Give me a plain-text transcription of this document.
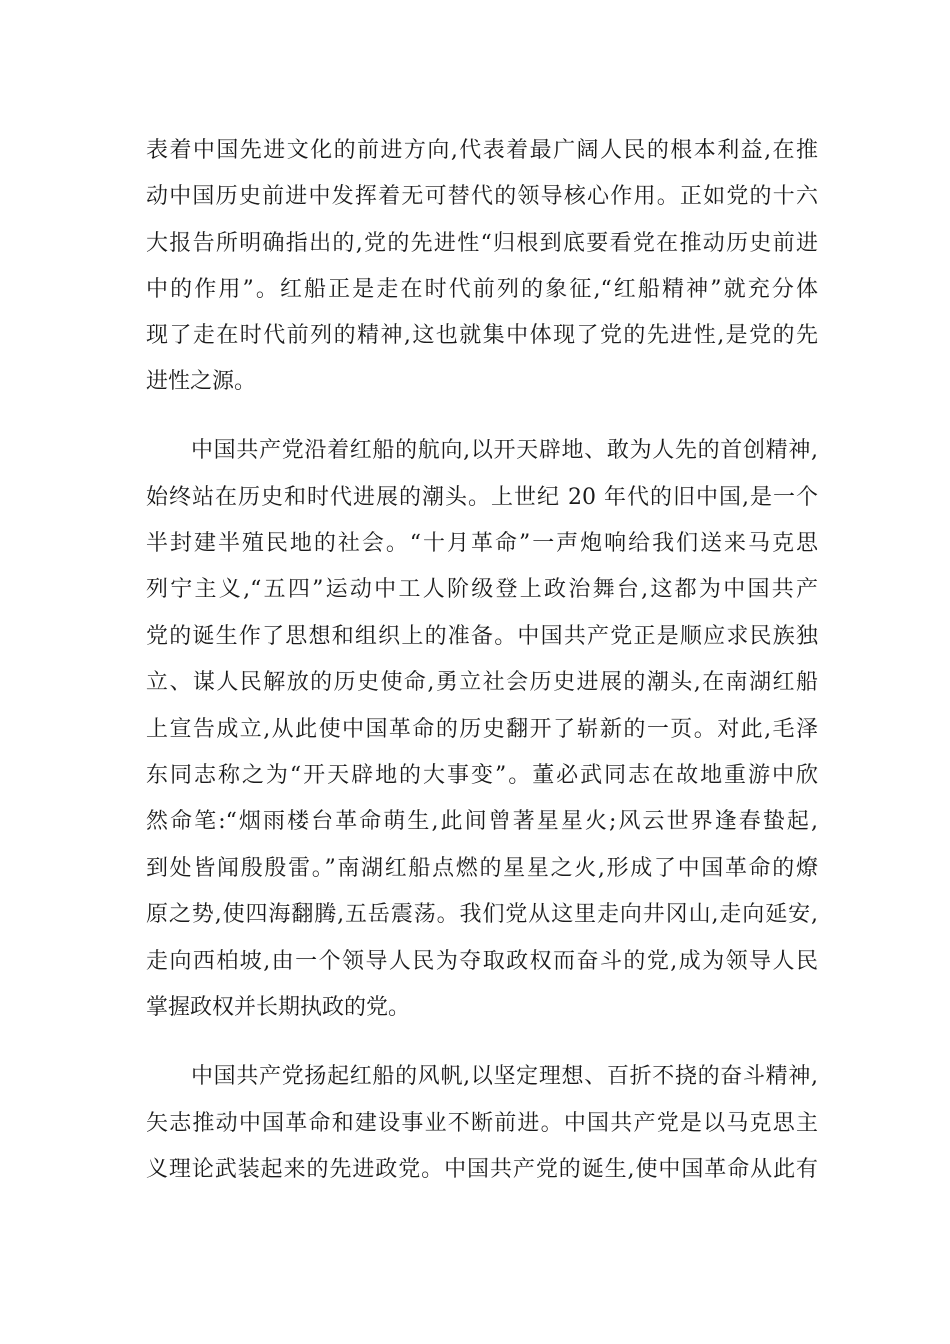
表着中国先进文化的前进方向,代表着最广阔人民的根本利益,在推
动中国历史前进中发挥着无可替代的领导核心作用。正如党的十六
大报告所明确指出的,党的先进性“归根到底要看党在推动历史前进
中的作用”。红船正是走在时代前列的象征,“红船精神”就充分体
现了走在时代前列的精神,这也就集中体现了党的先进性,是党的先
进性之源。
中国共产党沿着红船的航向,以开天辟地、敢为人先的首创精神,
始终站在历史和时代进展的潮头。上世纪 20 年代的旧中国,是一个
半封建半殖民地的社会。“十月革命”一声炮响给我们送来马克思
列宁主义,“五四”运动中工人阶级登上政治舞台,这都为中国共产
党的诞生作了思想和组织上的准备。中国共产党正是顺应求民族独
立、谋人民解放的历史使命,勇立社会历史进展的潮头,在南湖红船
上宣告成立,从此使中国革命的历史翻开了崭新的一页。对此,毛泽
东同志称之为“开天辟地的大事变”。董必武同志在故地重游中欣
然命笔:“烟雨楼台革命萌生,此间曾著星星火;风云世界逢春蛰起,
到处皆闻殷殷雷。”南湖红船点燃的星星之火,形成了中国革命的燎
原之势,使四海翻腾,五岳震荡。我们党从这里走向井冈山,走向延安,
走向西柏坡,由一个领导人民为夺取政权而奋斗的党,成为领导人民
掌握政权并长期执政的党。
中国共产党扬起红船的风帆,以坚定理想、百折不挠的奋斗精神,
矢志推动中国革命和建设事业不断前进。中国共产党是以马克思主
义理论武装起来的先进政党。中国共产党的诞生,使中国革命从此有
